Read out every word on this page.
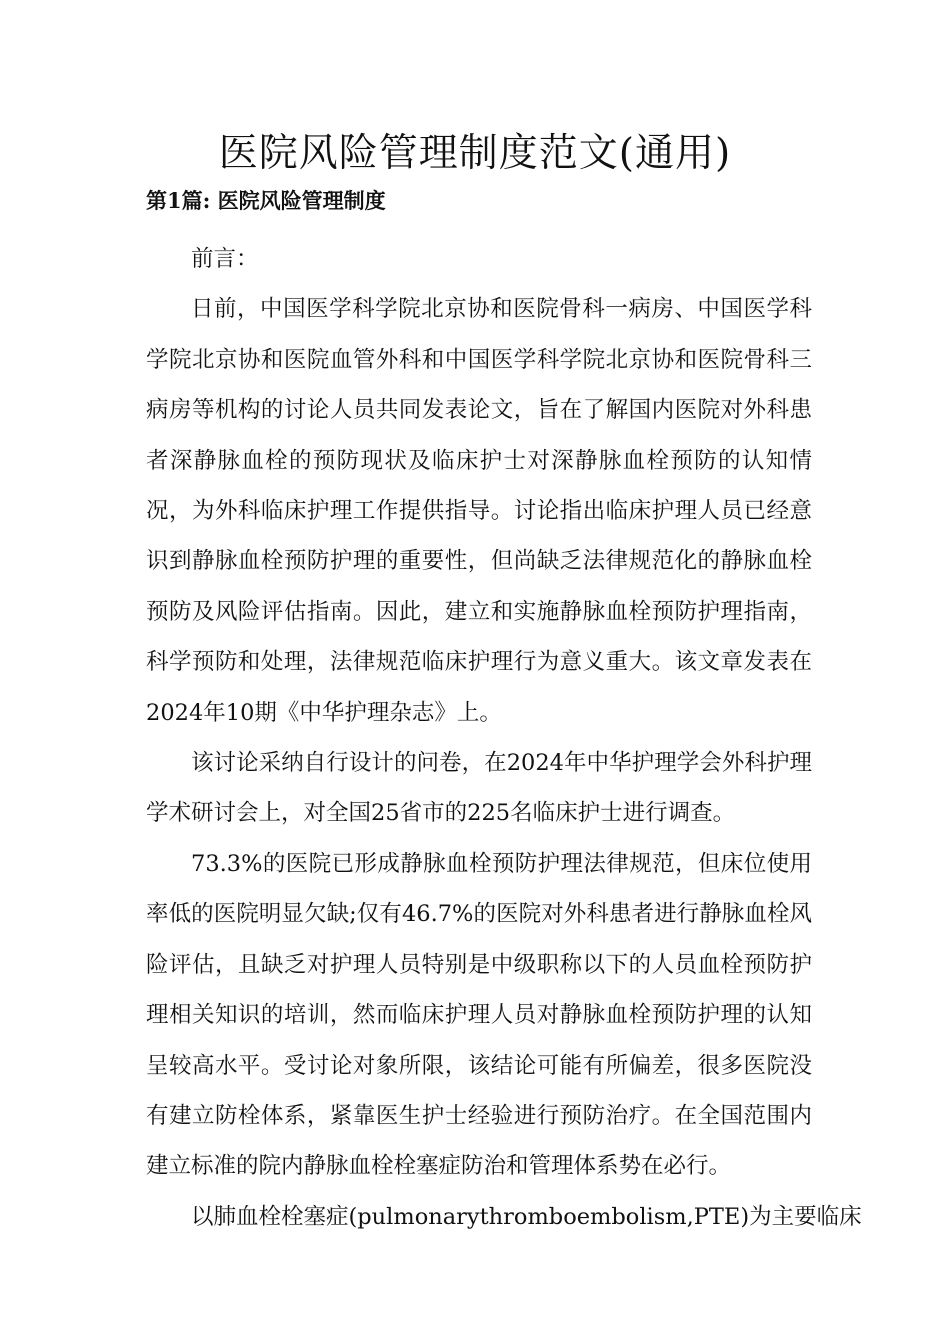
医院风险管理制度范文(通用)
第1篇: 医院风险管理制度

前言：

日前，中国医学科学院北京协和医院骨科一病房、中国医学科学院北京协和医院血管外科和中国医学科学院北京协和医院骨科三病房等机构的讨论人员共同发表论文，旨在了解国内医院对外科患者深静脉血栓的预防现状及临床护士对深静脉血栓预防的认知情况，为外科临床护理工作提供指导。讨论指出临床护理人员已经意识到静脉血栓预防护理的重要性，但尚缺乏法律规范化的静脉血栓预防及风险评估指南。因此，建立和实施静脉血栓预防护理指南，科学预防和处理，法律规范临床护理行为意义重大。该文章发表在2024年10期《中华护理杂志》上。

该讨论采纳自行设计的问卷，在2024年中华护理学会外科护理学术研讨会上，对全国25省市的225名临床护士进行调查。

73.3%的医院已形成静脉血栓预防护理法律规范，但床位使用率低的医院明显欠缺;仅有46.7%的医院对外科患者进行静脉血栓风险评估，且缺乏对护理人员特别是中级职称以下的人员血栓预防护理相关知识的培训，然而临床护理人员对静脉血栓预防护理的认知呈较高水平。受讨论对象所限，该结论可能有所偏差，很多医院没有建立防栓体系，紧靠医生护士经验进行预防治疗。在全国范围内建立标准的院内静脉血栓栓塞症防治和管理体系势在必行。

以肺血栓栓塞症(pulmonarythromboembolism,PTE)为主要临床
